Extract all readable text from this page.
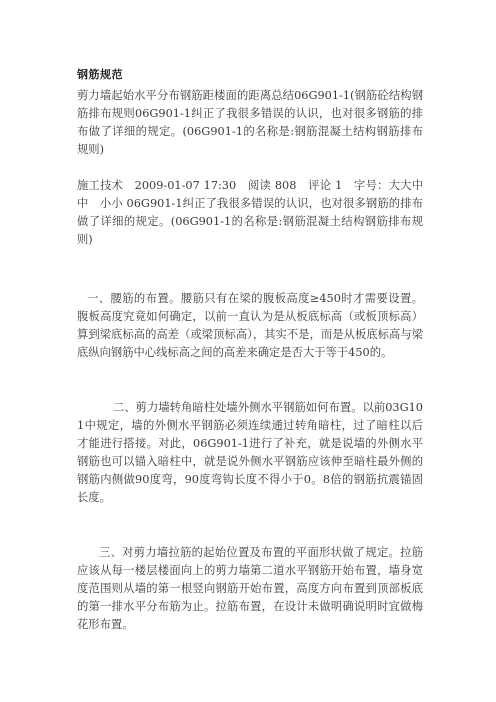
钢筋规范
剪力墙起始水平分布钢筋距楼面的距离总结06G901-1(钢筋砼结构钢筋排布规则06G901-1纠正了我很多错误的认识，也对很多钢筋的排布做了详细的规定。(06G901-1的名称是:钢筋混凝土结构钢筋排布规则)
施工技术　2009-01-07 17:30　阅读 808　评论 1　字号：大大中中　小小 06G901-1纠正了我很多错误的认识，也对很多钢筋的排布做了详细的规定。(06G901-1的名称是:钢筋混凝土结构钢筋排布规则)
一、腰筋的布置。腰筋只有在梁的腹板高度≥450时才需要设置。腹板高度究竟如何确定，以前一直认为是从板底标高（或板顶标高）算到梁底标高的高差（或梁顶标高），其实不是，而是从板底标高与梁底纵向钢筋中心线标高之间的高差来确定是否大于等于450的。
二、剪力墙转角暗柱处墙外侧水平钢筋如何布置。以前03G101中规定，墙的外侧水平钢筋必须连续通过转角暗柱，过了暗柱以后才能进行搭接。对此，06G901-1进行了补充，就是说墙的外侧水平钢筋也可以锚入暗柱中，就是说外侧水平钢筋应该伸至暗柱最外侧的钢筋内侧做90度弯，90度弯钩长度不得小于0。8倍的钢筋抗震锚固长度。
三、对剪力墙拉筋的起始位置及布置的平面形状做了规定。拉筋应该从每一楼层楼面向上的剪力墙第二道水平钢筋开始布置，墙身宽度范围则从墙的第一根竖向钢筋开始布置，高度方向布置到顶部板底的第一排水平分布筋为止。拉筋布置，在设计未做明确说明时宜做梅花形布置。
